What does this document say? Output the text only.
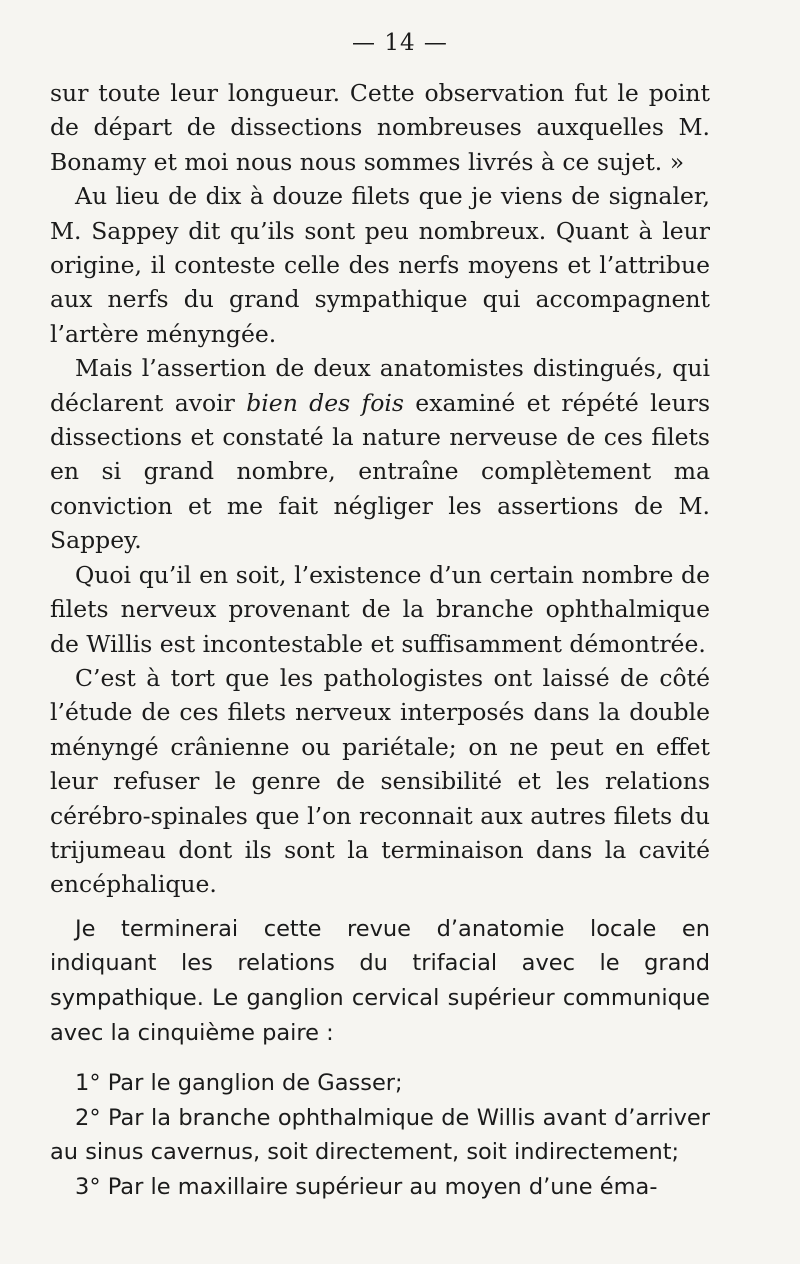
— 14 —

sur toute leur longueur. Cette observation fut le point de départ de dissections nombreuses auxquelles M. Bonamy et moi nous nous sommes livrés à ce sujet. »

Au lieu de dix à douze filets que je viens de signaler, M. Sappey dit qu’ils sont peu nombreux. Quant à leur origine, il conteste celle des nerfs moyens et l’attribue aux nerfs du grand sympathique qui accompagnent l’artère ményngée.

Mais l’assertion de deux anatomistes distingués, qui déclarent avoir bien des fois examiné et répété leurs dissections et constaté la nature nerveuse de ces filets en si grand nombre, entraîne complètement ma conviction et me fait négliger les assertions de M. Sappey.

Quoi qu’il en soit, l’existence d’un certain nombre de filets nerveux provenant de la branche ophthalmique de Willis est incontestable et suffisamment démontrée.

C’est à tort que les pathologistes ont laissé de côté l’étude de ces filets nerveux interposés dans la double ményngé crânienne ou pariétale; on ne peut en effet leur refuser le genre de sensibilité et les relations cérébro-spinales que l’on reconnait aux autres filets du trijumeau dont ils sont la terminaison dans la cavité encéphalique.

Je terminerai cette revue d’anatomie locale en indiquant les relations du trifacial avec le grand sympathique. Le ganglion cervical supérieur communique avec la cinquième paire :

1° Par le ganglion de Gasser;

2° Par la branche ophthalmique de Willis avant d’arriver au sinus cavernus, soit directement, soit indirectement;

3° Par le maxillaire supérieur au moyen d’une éma-
